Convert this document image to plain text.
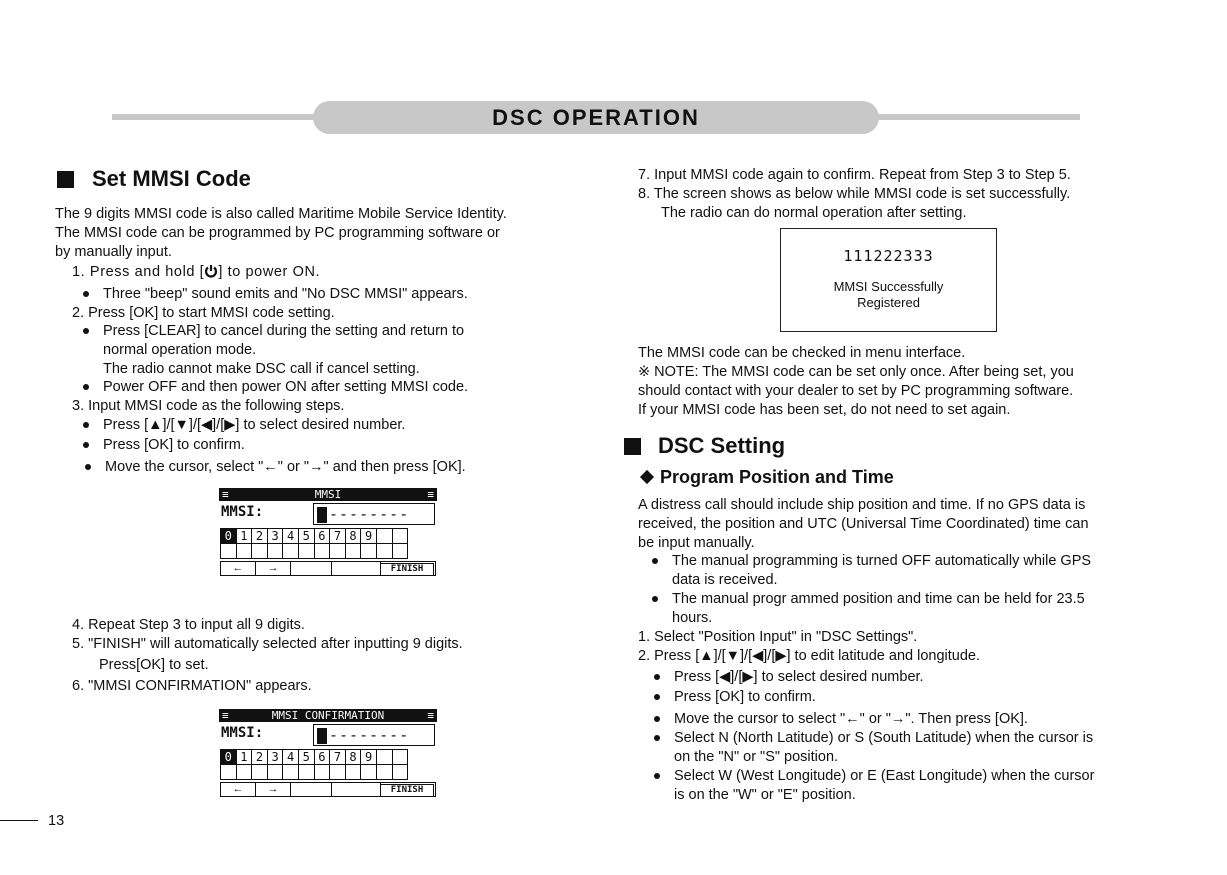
DSC OPERATION
Set MMSI Code
The 9 digits MMSI code is also called Maritime Mobile Service Identity.
The MMSI code can be programmed by PC programming software or
by manually input.
1. Press and hold [ ] to power ON.
Three "beep" sound emits and "No DSC MMSI" appears.
2. Press [OK] to start MMSI code setting.
Press [CLEAR] to cancel during the setting and return to
normal operation mode.
The radio cannot make DSC call if cancel setting.
Power OFF and then power ON after setting MMSI code.
3. Input MMSI code as the following steps.
Press [▲]/[▼]/[◀]/[▶] to select desired number.
Press [OK] to confirm.
Move the cursor, select "←" or "→" and then press [OK].
MMSI
≡	≡
MMSI:	--------
0	1	2	3	4	5	6	7	8	9		

←	→	FINISH
4. Repeat Step 3 to input all 9 digits.
5. "FINISH" will automatically selected after inputting 9 digits.
Press[OK] to set.
6. "MMSI CONFIRMATION" appears.
MMSI CONFIRMATION
≡	≡
MMSI:	--------
0	1	2	3	4	5	6	7	8	9		

←	→	FINISH
13
7. Input MMSI code again to confirm. Repeat from Step 3 to Step 5.
8. The screen shows as below while MMSI code is set successfully.
The radio can do normal operation after setting.
111222333
MMSI Successfully
Registered
The MMSI code can be checked in menu interface.
※ NOTE: The MMSI code can be set only once. After being set, you
should contact with your dealer to set by PC programming software.
If your MMSI code has been set, do not need to set again.
DSC Setting
Program Position and Time
A distress call should include ship position and time. If no GPS data is
received, the position and UTC (Universal Time Coordinated) time can
be input manually.
The manual programming is turned OFF automatically while GPS
data is received.
The manual progr ammed position and time can be held for 23.5
hours.
1. Select "Position Input" in "DSC Settings".
2. Press [▲]/[▼]/[◀]/[▶] to edit latitude and longitude.
Press [◀]/[▶] to select desired number.
Press [OK] to confirm.
Move the cursor to select "←" or "→". Then press [OK].
Select N (North Latitude) or S (South Latitude) when the cursor is
on the "N" or "S" position.
Select W (West Longitude) or E (East Longitude) when the cursor
is on the "W" or "E" position.
